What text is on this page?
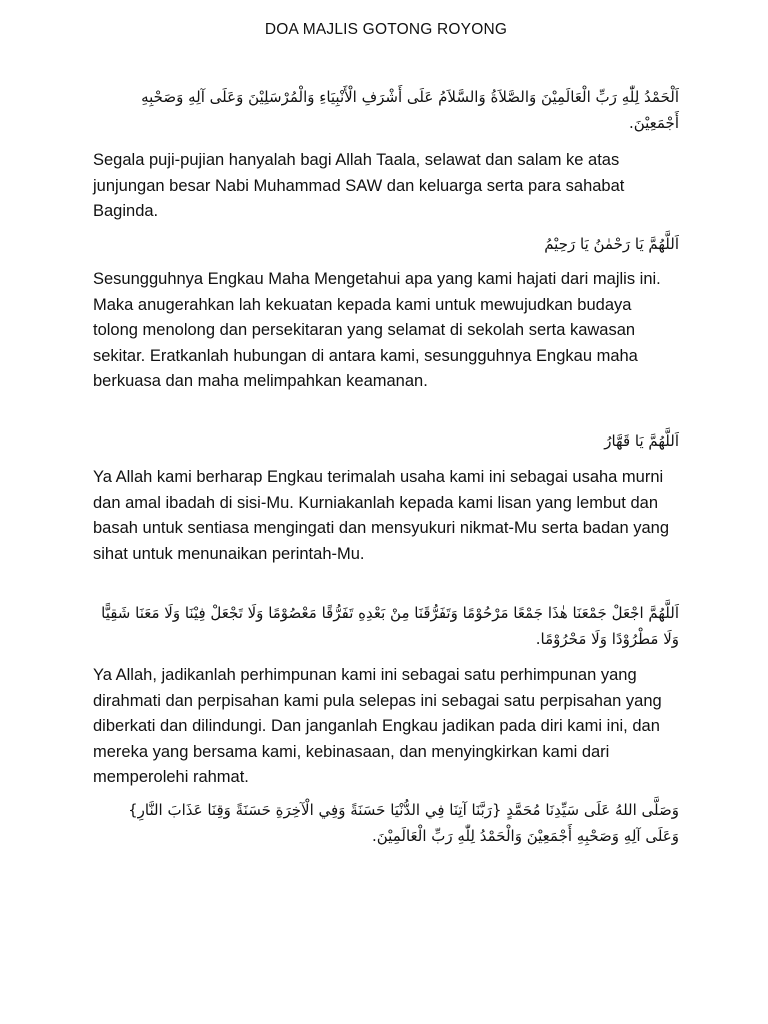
DOA MAJLIS GOTONG ROYONG

اَلْحَمْدُ لِلّٰهِ رَبِّ الْعَالَمِيْنَ وَالصَّلاَةُ وَالسَّلاَمُ عَلَى أَشْرَفِ الْأَنْبِيَاءِ وَالْمُرْسَلِيْنَ وَعَلَى آلِهِ وَصَحْبِهِ أَجْمَعِيْنَ.

Segala puji-pujian hanyalah bagi Allah Taala, selawat dan salam ke atas junjungan besar Nabi Muhammad SAW dan keluarga serta para sahabat Baginda.

اَللَّهُمَّ يَا رَحْمٰنُ يَا رَحِيْمُ

Sesungguhnya Engkau Maha Mengetahui apa yang kami hajati dari majlis ini. Maka anugerahkan lah kekuatan kepada kami untuk mewujudkan budaya tolong menolong dan persekitaran yang selamat di sekolah serta kawasan sekitar. Eratkanlah hubungan di antara kami, sesungguhnya Engkau maha berkuasa dan maha melimpahkan keamanan.

اَللَّهُمَّ يَا قَهَّارُ

Ya Allah kami berharap Engkau terimalah usaha kami ini sebagai usaha murni dan amal ibadah di sisi-Mu. Kurniakanlah kepada kami lisan yang lembut dan basah untuk sentiasa mengingati dan mensyukuri nikmat-Mu serta badan yang sihat untuk menunaikan perintah-Mu.

اَللَّهُمَّ اجْعَلْ جَمْعَنَا هٰذَا جَمْعًا مَرْحُوْمًا وَتَفَرُّقَنَا مِنْ بَعْدِهِ تَفَرُّقًا مَعْصُوْمًا وَلَا تَجْعَلْ فِيْنَا وَلَا مَعَنَا شَقِيًّا وَلَا مَطْرُوْدًا وَلَا مَحْرُوْمًا.

Ya Allah, jadikanlah perhimpunan kami ini sebagai satu perhimpunan yang dirahmati dan perpisahan kami pula selepas ini sebagai satu perpisahan yang diberkati dan dilindungi. Dan janganlah Engkau jadikan pada diri kami ini, dan mereka yang bersama kami, kebinasaan, dan menyingkirkan kami dari memperolehi rahmat.

وَصَلَّى اللهُ عَلَى سَيِّدِنَا مُحَمَّدٍ {رَبَّنَا آتِنَا فِي الدُّنْيَا حَسَنَةً وَفِي الْآخِرَةِ حَسَنَةً وَقِنَا عَذَابَ النَّارِ} وَعَلَى آلِهِ وَصَحْبِهِ أَجْمَعِيْنَ وَالْحَمْدُ لِلّٰهِ رَبِّ الْعَالَمِيْنَ.
